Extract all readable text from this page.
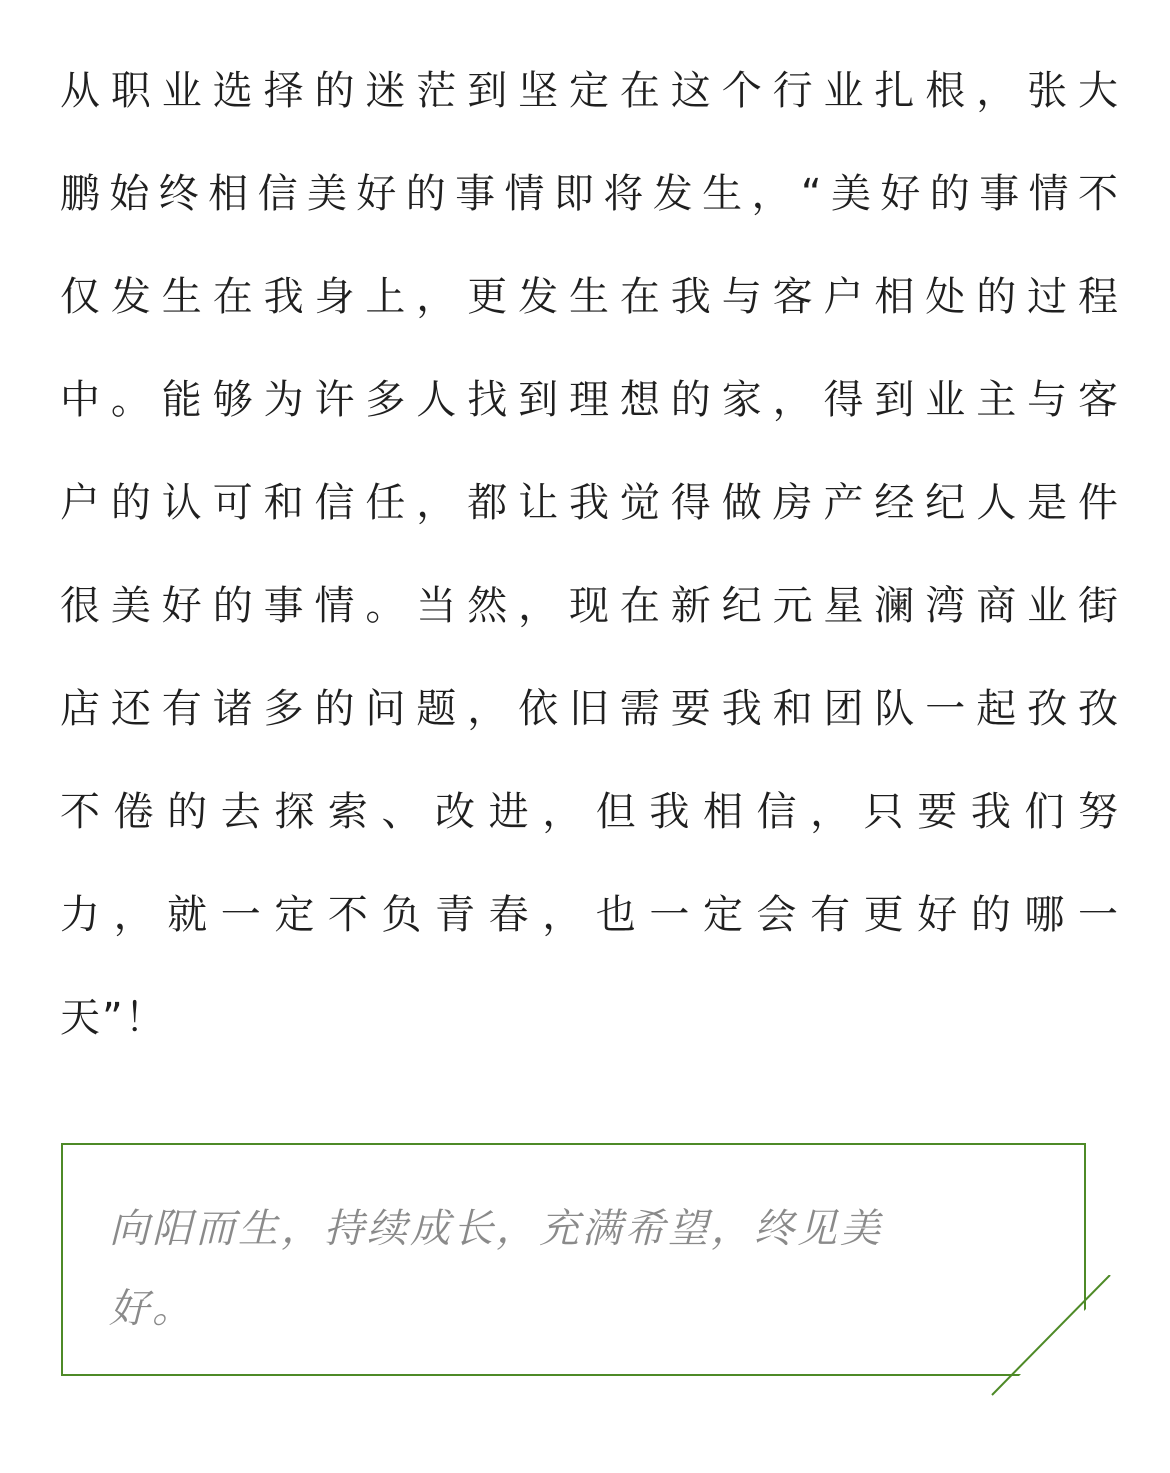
从职业选择的迷茫到坚定在这个行业扎根，张大
鹏始终相信美好的事情即将发生，“美好的事情不
仅发生在我身上，更发生在我与客户相处的过程
中。能够为许多人找到理想的家，得到业主与客
户的认可和信任，都让我觉得做房产经纪人是件
很美好的事情。当然，现在新纪元星澜湾商业街
店还有诸多的问题，依旧需要我和团队一起孜孜
不倦的去探索、改进，但我相信，只要我们努
力，就一定不负青春，也一定会有更好的哪一
天”！
向阳而生，持续成长，充满希望，终见美
好。
